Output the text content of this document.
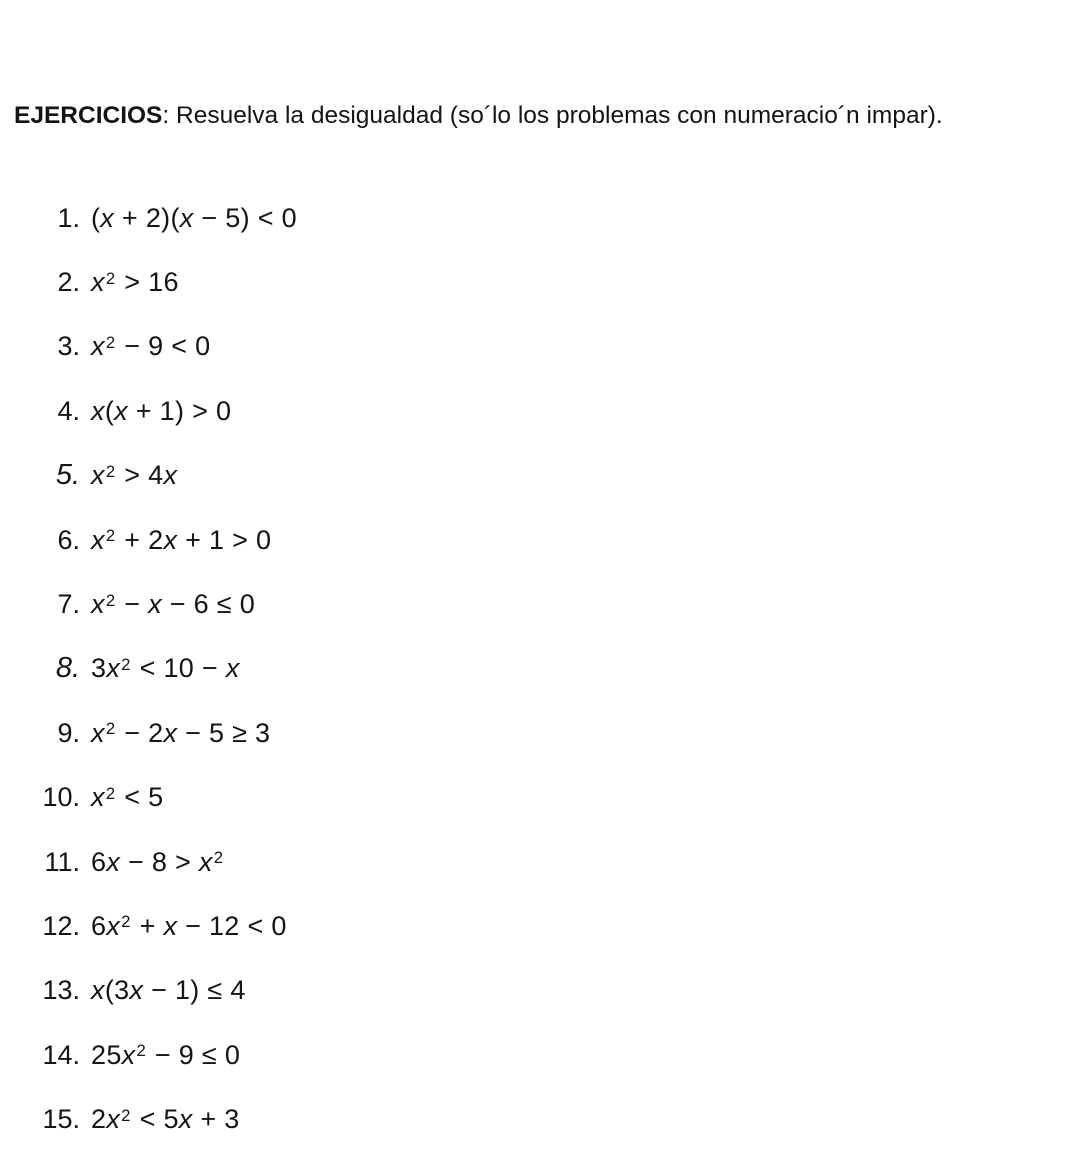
EJERCICIOS: Resuelva la desigualdad (so´lo los problemas con numeracio´n impar).

1. (x + 2)(x − 5) < 0
2. $x^2 > 16$
3. $x^2 - 9 < 0$
4. x(x + 1) > 0
5. $x^2 > 4x$
6. $x^2 + 2x + 1 > 0$
7. $x^2 - x - 6 \le 0$
8. $3x^2 < 10 - x$
9. $x^2 - 2x - 5 \ge 3$
10. $x^2 < 5$
11. $6x - 8 > x^2$
12. $6x^2 + x - 12 < 0$
13. x(3x − 1) ≤ 4
14. $25x^2 - 9 \le 0$
15. $2x^2 < 5x + 3$
